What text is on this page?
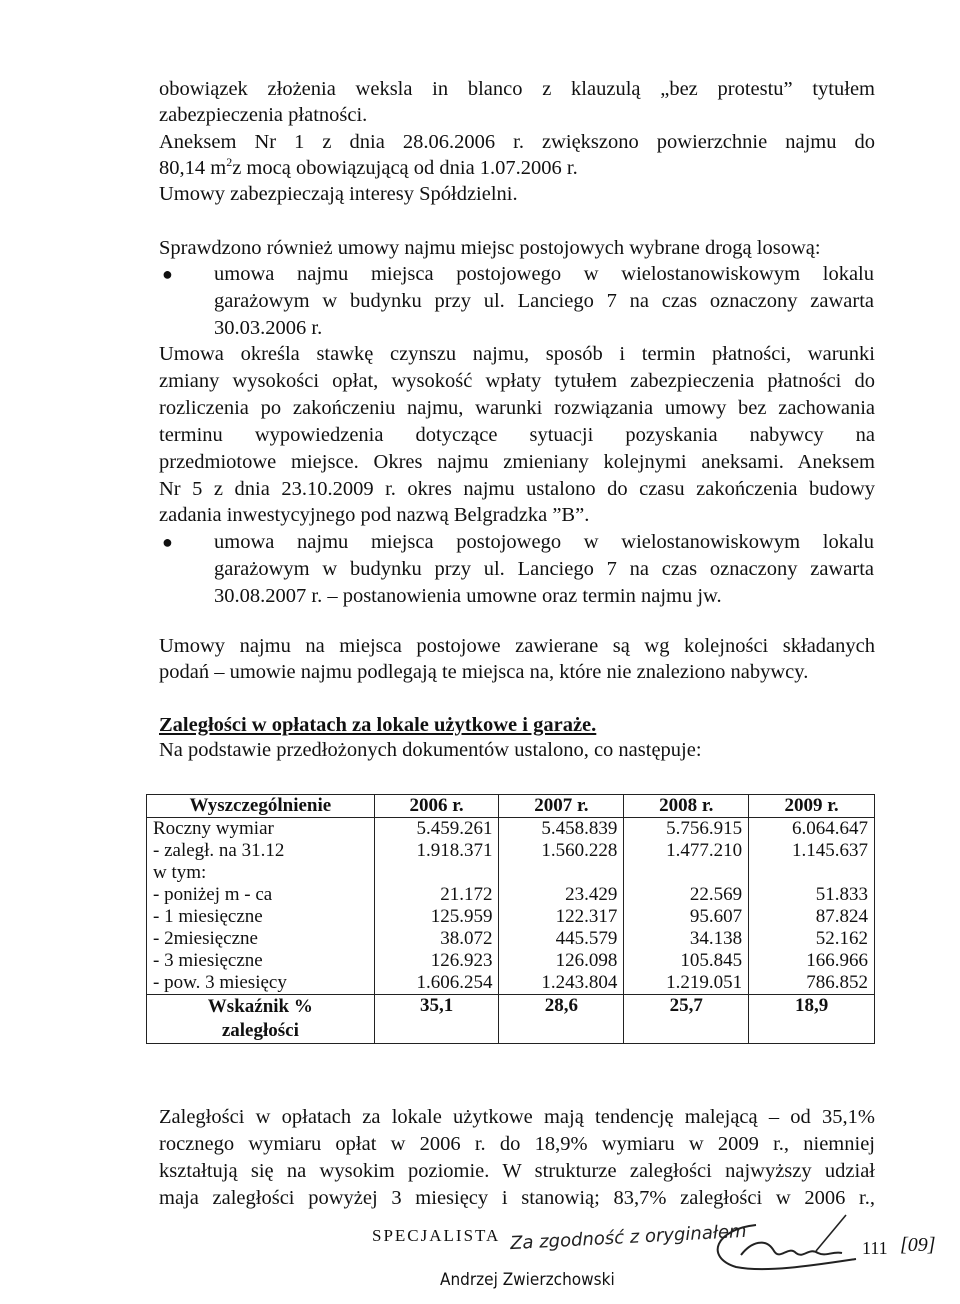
obowiązek złożenia weksla in blanco z klauzulą „bez protestu” tytułem
zabezpieczenia płatności.
Aneksem Nr 1 z dnia 28.06.2006 r. zwiększono powierzchnie najmu do
80,14 $m^2z$ mocą obowiązującą od dnia 1.07.2006 r.
Umowy zabezpieczają interesy Spółdzielni.
Sprawdzono również umowy najmu miejsc postojowych wybrane drogą losową:
● umowa najmu miejsca postojowego w wielostanowiskowym lokalu
garażowym w budynku przy ul. Lanciego 7 na czas oznaczony zawarta
30.03.2006 r.
Umowa określa stawkę czynszu najmu, sposób i termin płatności, warunki
zmiany wysokości opłat, wysokość wpłaty tytułem zabezpieczenia płatności do
rozliczenia po zakończeniu najmu, warunki rozwiązania umowy bez zachowania
terminu wypowiedzenia dotyczące sytuacji pozyskania nabywcy na
przedmiotowe miejsce. Okres najmu zmieniany kolejnymi aneksami. Aneksem
Nr 5 z dnia 23.10.2009 r. okres najmu ustalono do czasu zakończenia budowy
zadania inwestycyjnego pod nazwą Belgradzka ”B”.
● umowa najmu miejsca postojowego w wielostanowiskowym lokalu
garażowym w budynku przy ul. Lanciego 7 na czas oznaczony zawarta
30.08.2007 r. – postanowienia umowne oraz termin najmu jw.
Umowy najmu na miejsca postojowe zawierane są wg kolejności składanych
podań – umowie najmu podlegają te miejsca na, które nie znaleziono nabywcy.
Zaległości w opłatach za lokale użytkowe i garaże.
Na podstawie przedłożonych dokumentów ustalono, co następuje:
Wyszczególnienie	2006 r.	2007 r.	2008 r.	2009 r.
Roczny wymiar	5.459.261	5.458.839	5.756.915	6.064.647
- zaległ. na 31.12	1.918.371	1.560.228	1.477.210	1.145.637
w tym:				
- poniżej m - ca	21.172	23.429	22.569	51.833
- 1 miesięczne	125.959	122.317	95.607	87.824
- 2miesięczne	38.072	445.579	34.138	52.162
- 3 miesięczne	126.923	126.098	105.845	166.966
- pow. 3 miesięcy	1.606.254	1.243.804	1.219.051	786.852
Wskaźnik %
zaległości	35,1	28,6	25,7	18,9
Zaległości w opłatach za lokale użytkowe mają tendencję malejącą – od 35,1%
rocznego wymiaru opłat w 2006 r. do 18,9% wymiaru w 2009 r., niemniej
kształtują się na wysokim poziomie. W strukturze zaległości najwyższy udział
maja zaległości powyżej 3 miesięcy i stanowią; 83,7% zaległości w 2006 r.,
SPECJALISTA Za zgodność z oryginałem
Andrzej Zwierzchowski
111 [09]
